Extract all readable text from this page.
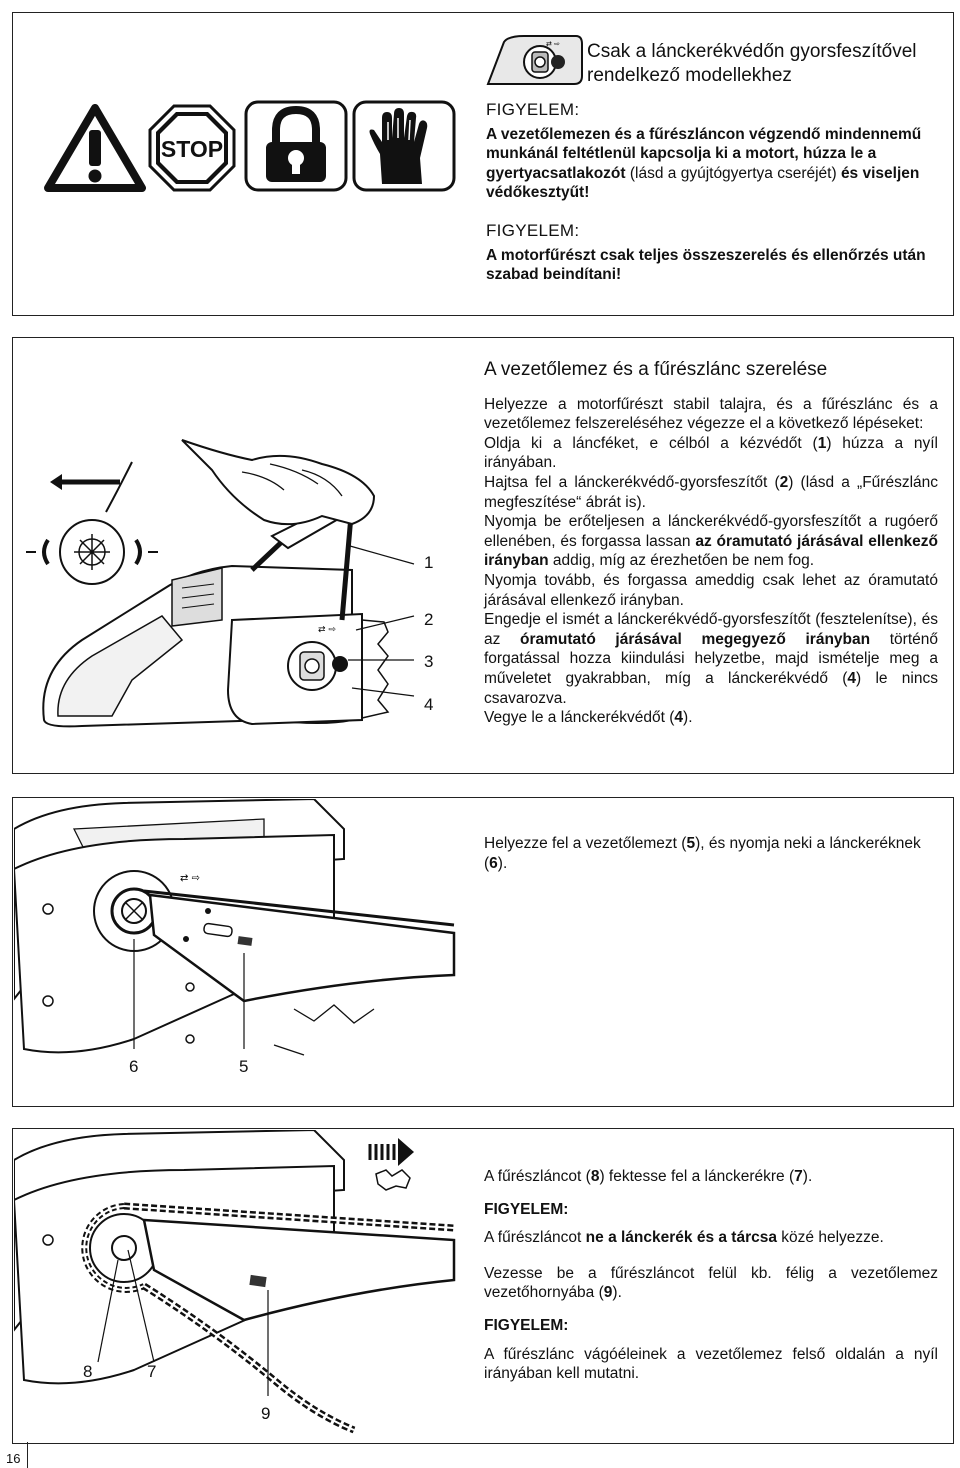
⇄ ⇨ Csak a lánckerékvédőn gyorsfeszítővel

rendelkező modellekhez

STOP

FIGYELEM:

A vezetőlemezen és a fűrészláncon végzendő mindennemű munkánál feltétlenül kapcsolja ki a motort, húzza le a gyertyacsatlakozót (lásd a gyújtógyertya cseréjét) és viseljen védőkesztyűt!

FIGYELEM:

A motorfűrészt csak teljes összeszerelés és ellenőrzés után szabad beindítani!

⇄ ⇨
1
2
3
4
A vezetőlemez és a fűrészlánc szerelése

Helyezze a motorfűrészt stabil talajra, és a fűrészlánc és a vezetőlemez felszereléséhez végezze el a következő lépéseket:

Oldja ki a láncféket, e célból a kézvédőt (1) húzza a nyíl irányában.

Hajtsa fel a lánckerékvédő-gyorsfeszítőt (2) (lásd a „Fűrészlánc megfeszítése“ ábrát is).

Nyomja be erőteljesen a lánckerékvédő-gyorsfeszítőt a rugóerő ellenében, és forgassa lassan az óramutató járásával ellenkező irányban addig, míg az érezhetően be nem fog.

Nyomja tovább, és forgassa ameddig csak lehet az óramutató járásával ellenkező irányban.

Engedje el ismét a lánckerékvédő-gyorsfeszítőt (fesztelenítse), és az óramutató járásával megegyező irányban történő forgatással hozza kiindulási helyzetbe, majd ismételje meg a műveletet gyakrabban, míg a lánckerékvédő (4) le nincs csavarozva.

Vegye le a lánckerékvédőt (4).

⇄ ⇨
6	5

Helyezze fel a vezetőlemezt (5), és nyomja neki a lánckeréknek (6).

8	7
9

A fűrészláncot (8) fektesse fel a lánckerékre (7).

FIGYELEM:

A fűrészláncot ne a lánckerék és a tárcsa közé helyezze.

Vezesse be a fűrészláncot felül kb. félig a vezetőlemez vezetőhornyába (9).

FIGYELEM:

A fűrészlánc vágóéleinek a vezetőlemez felső oldalán a nyíl irányában kell mutatni.

16
